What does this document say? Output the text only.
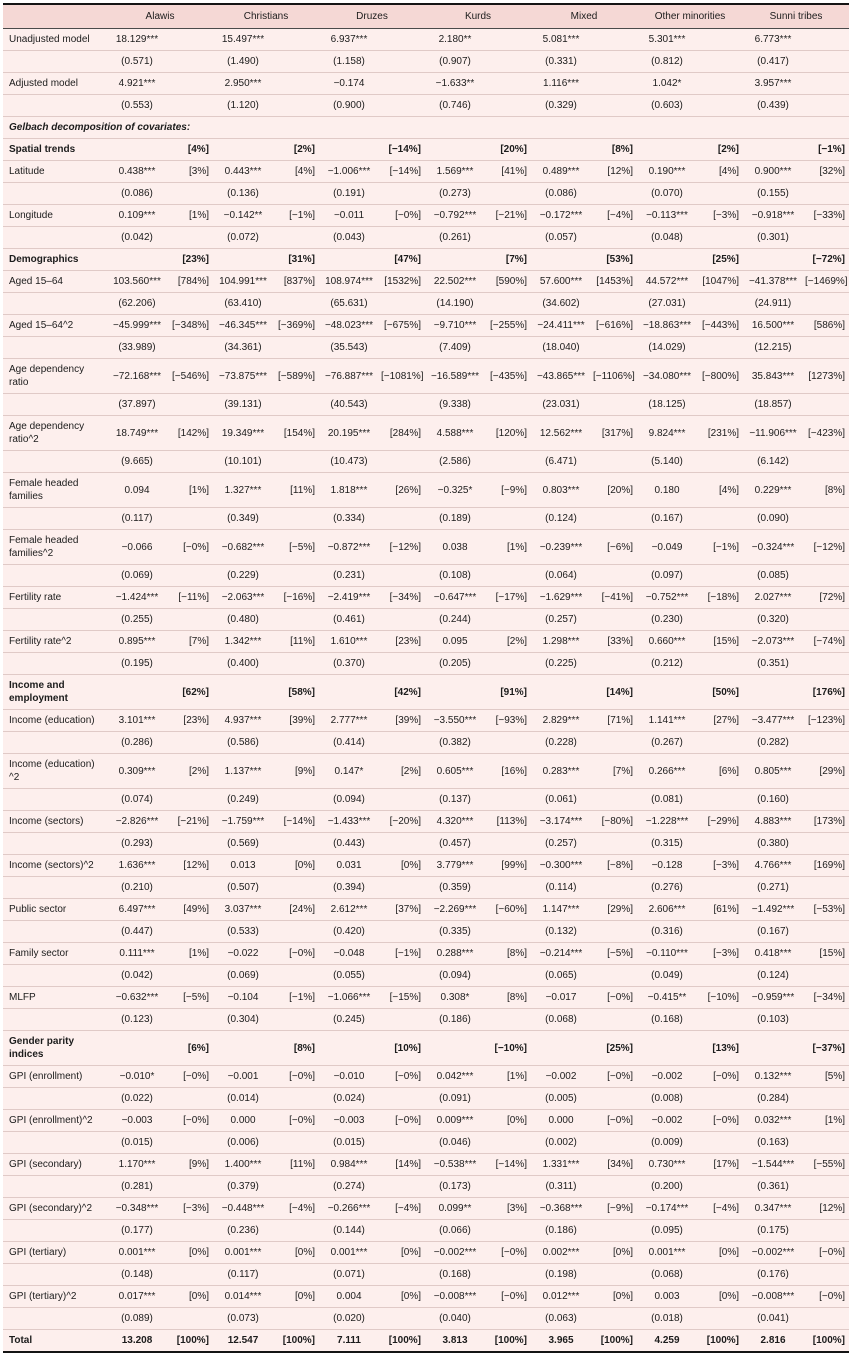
	Alawis		Christians		Druzes		Kurds		Mixed		Other minorities		Sunni tribes	
Unadjusted model	18.129***		15.497***		6.937***		2.180**		5.081***		5.301***		6.773***	
	(0.571)		(1.490)		(1.158)		(0.907)		(0.331)		(0.812)		(0.417)	
Adjusted model	4.921***		2.950***		−0.174		−1.633**		1.116***		1.042*		3.957***	
	(0.553)		(1.120)		(0.900)		(0.746)		(0.329)		(0.603)		(0.439)	
Gelbach decomposition of covariates:														
Spatial trends		[4%]		[2%]		[−14%]		[20%]		[8%]		[2%]		[−1%]
Latitude	0.438***	[3%]	0.443***	[4%]	−1.006***	[−14%]	1.569***	[41%]	0.489***	[12%]	0.190***	[4%]	0.900***	[32%]
	(0.086)		(0.136)		(0.191)		(0.273)		(0.086)		(0.070)		(0.155)	
Longitude	0.109***	[1%]	−0.142**	[−1%]	−0.011	[−0%]	−0.792***	[−21%]	−0.172***	[−4%]	−0.113***	[−3%]	−0.918***	[−33%]
	(0.042)		(0.072)		(0.043)		(0.261)		(0.057)		(0.048)		(0.301)	
Demographics		[23%]		[31%]		[47%]		[7%]		[53%]		[25%]		[−72%]
Aged 15–64	103.560***	[784%]	104.991***	[837%]	108.974***	[1532%]	22.502***	[590%]	57.600***	[1453%]	44.572***	[1047%]	−41.378***	[−1469%]
	(62.206)		(63.410)		(65.631)		(14.190)		(34.602)		(27.031)		(24.911)	
Aged 15–64^2	−45.999***	[−348%]	−46.345***	[−369%]	−48.023***	[−675%]	−9.710***	[−255%]	−24.411***	[−616%]	−18.863***	[−443%]	16.500***	[586%]
	(33.989)		(34.361)		(35.543)		(7.409)		(18.040)		(14.029)		(12.215)	
Age dependency ratio	−72.168***	[−546%]	−73.875***	[−589%]	−76.887***	[−1081%]	−16.589***	[−435%]	−43.865***	[−1106%]	−34.080***	[−800%]	35.843***	[1273%]
	(37.897)		(39.131)		(40.543)		(9.338)		(23.031)		(18.125)		(18.857)	
Age dependency ratio^2	18.749***	[142%]	19.349***	[154%]	20.195***	[284%]	4.588***	[120%]	12.562***	[317%]	9.824***	[231%]	−11.906***	[−423%]
	(9.665)		(10.101)		(10.473)		(2.586)		(6.471)		(5.140)		(6.142)	
Female headed families	0.094	[1%]	1.327***	[11%]	1.818***	[26%]	−0.325*	[−9%]	0.803***	[20%]	0.180	[4%]	0.229***	[8%]
	(0.117)		(0.349)		(0.334)		(0.189)		(0.124)		(0.167)		(0.090)	
Female headed families^2	−0.066	[−0%]	−0.682***	[−5%]	−0.872***	[−12%]	0.038	[1%]	−0.239***	[−6%]	−0.049	[−1%]	−0.324***	[−12%]
	(0.069)		(0.229)		(0.231)		(0.108)		(0.064)		(0.097)		(0.085)	
Fertility rate	−1.424***	[−11%]	−2.063***	[−16%]	−2.419***	[−34%]	−0.647***	[−17%]	−1.629***	[−41%]	−0.752***	[−18%]	2.027***	[72%]
	(0.255)		(0.480)		(0.461)		(0.244)		(0.257)		(0.230)		(0.320)	
Fertility rate^2	0.895***	[7%]	1.342***	[11%]	1.610***	[23%]	0.095	[2%]	1.298***	[33%]	0.660***	[15%]	−2.073***	[−74%]
	(0.195)		(0.400)		(0.370)		(0.205)		(0.225)		(0.212)		(0.351)	
Income and employment		[62%]		[58%]		[42%]		[91%]		[14%]		[50%]		[176%]
Income (education)	3.101***	[23%]	4.937***	[39%]	2.777***	[39%]	−3.550***	[−93%]	2.829***	[71%]	1.141***	[27%]	−3.477***	[−123%]
	(0.286)		(0.586)		(0.414)		(0.382)		(0.228)		(0.267)		(0.282)	
Income (education) ^2	0.309***	[2%]	1.137***	[9%]	0.147*	[2%]	0.605***	[16%]	0.283***	[7%]	0.266***	[6%]	0.805***	[29%]
	(0.074)		(0.249)		(0.094)		(0.137)		(0.061)		(0.081)		(0.160)	
Income (sectors)	−2.826***	[−21%]	−1.759***	[−14%]	−1.433***	[−20%]	4.320***	[113%]	−3.174***	[−80%]	−1.228***	[−29%]	4.883***	[173%]
	(0.293)		(0.569)		(0.443)		(0.457)		(0.257)		(0.315)		(0.380)	
Income (sectors)^2	1.636***	[12%]	0.013	[0%]	0.031	[0%]	3.779***	[99%]	−0.300***	[−8%]	−0.128	[−3%]	4.766***	[169%]
	(0.210)		(0.507)		(0.394)		(0.359)		(0.114)		(0.276)		(0.271)	
Public sector	6.497***	[49%]	3.037***	[24%]	2.612***	[37%]	−2.269***	[−60%]	1.147***	[29%]	2.606***	[61%]	−1.492***	[−53%]
	(0.447)		(0.533)		(0.420)		(0.335)		(0.132)		(0.316)		(0.167)	
Family sector	0.111***	[1%]	−0.022	[−0%]	−0.048	[−1%]	0.288***	[8%]	−0.214***	[−5%]	−0.110***	[−3%]	0.418***	[15%]
	(0.042)		(0.069)		(0.055)		(0.094)		(0.065)		(0.049)		(0.124)	
MLFP	−0.632***	[−5%]	−0.104	[−1%]	−1.066***	[−15%]	0.308*	[8%]	−0.017	[−0%]	−0.415**	[−10%]	−0.959***	[−34%]
	(0.123)		(0.304)		(0.245)		(0.186)		(0.068)		(0.168)		(0.103)	
Gender parity indices		[6%]		[8%]		[10%]		[−10%]		[25%]		[13%]		[−37%]
GPI (enrollment)	−0.010*	[−0%]	−0.001	[−0%]	−0.010	[−0%]	0.042***	[1%]	−0.002	[−0%]	−0.002	[−0%]	0.132***	[5%]
	(0.022)		(0.014)		(0.024)		(0.091)		(0.005)		(0.008)		(0.284)	
GPI (enrollment)^2	−0.003	[−0%]	0.000	[−0%]	−0.003	[−0%]	0.009***	[0%]	0.000	[−0%]	−0.002	[−0%]	0.032***	[1%]
	(0.015)		(0.006)		(0.015)		(0.046)		(0.002)		(0.009)		(0.163)	
GPI (secondary)	1.170***	[9%]	1.400***	[11%]	0.984***	[14%]	−0.538***	[−14%]	1.331***	[34%]	0.730***	[17%]	−1.544***	[−55%]
	(0.281)		(0.379)		(0.274)		(0.173)		(0.311)		(0.200)		(0.361)	
GPI (secondary)^2	−0.348***	[−3%]	−0.448***	[−4%]	−0.266***	[−4%]	0.099**	[3%]	−0.368***	[−9%]	−0.174***	[−4%]	0.347***	[12%]
	(0.177)		(0.236)		(0.144)		(0.066)		(0.186)		(0.095)		(0.175)	
GPI (tertiary)	0.001***	[0%]	0.001***	[0%]	0.001***	[0%]	−0.002***	[−0%]	0.002***	[0%]	0.001***	[0%]	−0.002***	[−0%]
	(0.148)		(0.117)		(0.071)		(0.168)		(0.198)		(0.068)		(0.176)	
GPI (tertiary)^2	0.017***	[0%]	0.014***	[0%]	0.004	[0%]	−0.008***	[−0%]	0.012***	[0%]	0.003	[0%]	−0.008***	[−0%]
	(0.089)		(0.073)		(0.020)		(0.040)		(0.063)		(0.018)		(0.041)	
Total	13.208	[100%]	12.547	[100%]	7.111	[100%]	3.813	[100%]	3.965	[100%]	4.259	[100%]	2.816	[100%]
